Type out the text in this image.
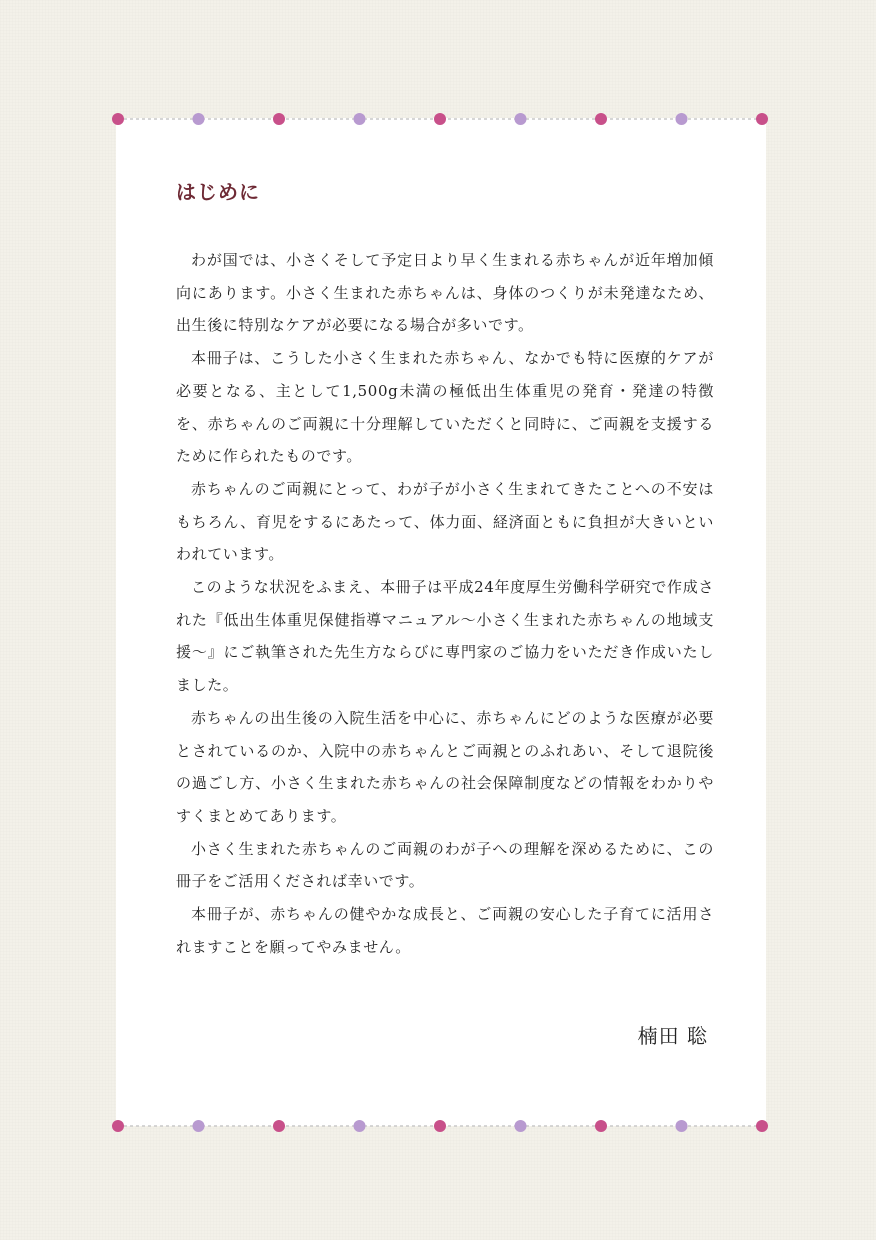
はじめに

わが国では、小さくそして予定日より早く生まれる赤ちゃんが近年増加傾向にあります。小さく生まれた赤ちゃんは、身体のつくりが未発達なため、出生後に特別なケアが必要になる場合が多いです。

本冊子は、こうした小さく生まれた赤ちゃん、なかでも特に医療的ケアが必要となる、主として1,500g未満の極低出生体重児の発育・発達の特徴を、赤ちゃんのご両親に十分理解していただくと同時に、ご両親を支援するために作られたものです。

赤ちゃんのご両親にとって、わが子が小さく生まれてきたことへの不安はもちろん、育児をするにあたって、体力面、経済面ともに負担が大きいといわれています。

このような状況をふまえ、本冊子は平成24年度厚生労働科学研究で作成された『低出生体重児保健指導マニュアル～小さく生まれた赤ちゃんの地域支援～』にご執筆された先生方ならびに専門家のご協力をいただき作成いたしました。

赤ちゃんの出生後の入院生活を中心に、赤ちゃんにどのような医療が必要とされているのか、入院中の赤ちゃんとご両親とのふれあい、そして退院後の過ごし方、小さく生まれた赤ちゃんの社会保障制度などの情報をわかりやすくまとめてあります。

小さく生まれた赤ちゃんのご両親のわが子への理解を深めるために、この冊子をご活用くだされば幸いです。

本冊子が、赤ちゃんの健やかな成長と、ご両親の安心した子育てに活用されますことを願ってやみません。

楠田 聡
